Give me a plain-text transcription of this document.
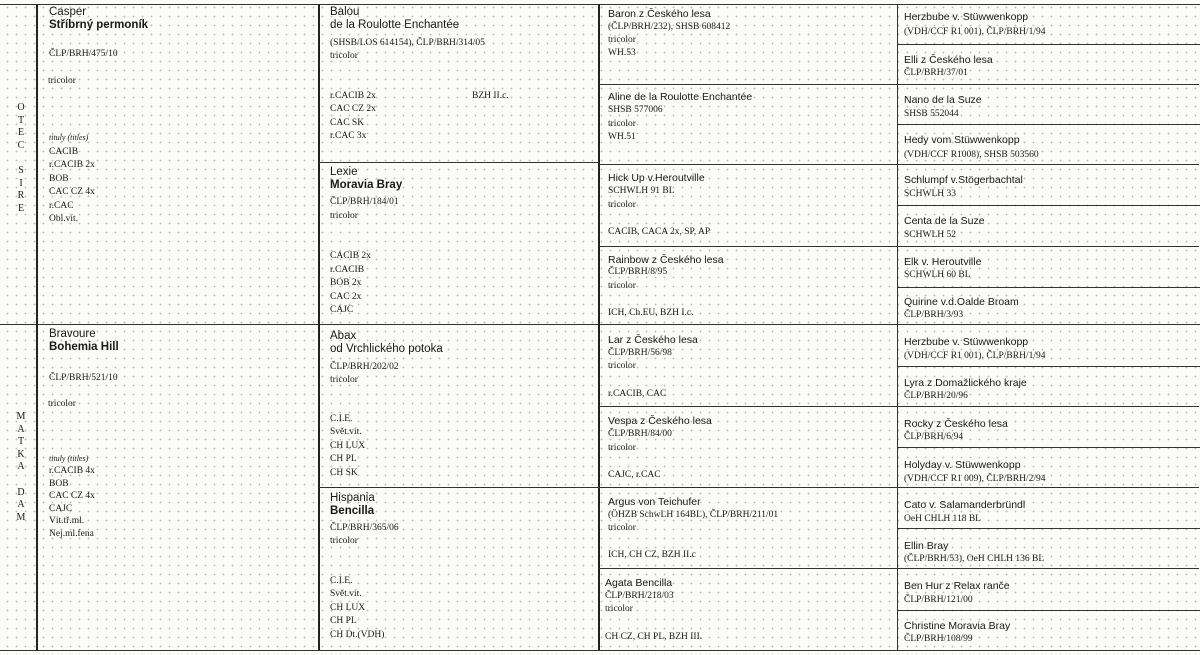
O
T
E
C
S
I
R
E
M
A
T
K
A
D
A
M
Casper
Stříbrný permoník
ČLP/BRH/475/10
tricolor
tituly (titles)
CACIB
r.CACIB 2x
BOB
CAC CZ 4x
r.CAC
Obl.vít.
Bravoure
Bohemia Hill
ČLP/BRH/521/10
tricolor
tituly (titles)
r.CACIB 4x
BOB
CAC CZ 4x
CAJC
Vít.tř.ml.
Nej.ml.fena
Balou
de la Roulotte Enchantée
(SHSB/LOS 614154), ČLP/BRH/314/05
tricolor
r.CACIB 2x
CAC CZ 2x
CAC SK
r.CAC 3x
BZH II.c.
Lexie
Moravia Bray
ČLP/BRH/184/01
tricolor
CACIB 2x
r.CACIB
BOB 2x
CAC 2x
CAJC
Abax
od Vrchlického potoka
ČLP/BRH/202/02
tricolor
C.I.E.
Svět.vít.
CH LUX
CH PL
CH SK
Hispania
Bencilla
ČLP/BRH/365/06
tricolor
C.I.E.
Svět.vít.
CH LUX
CH PL
CH Dt.(VDH)
Baron z Českého lesa
(ČLP/BRH/232), SHSB 608412
tricolor
WH.53
Aline de la Roulotte Enchantée
SHSB 577006
tricolor
WH.51
Hick Up v.Heroutville
SCHWLH 91 BL
tricolor
CACIB, CACA 2x, SP, AP
Rainbow z Českého lesa
ČLP/BRH/8/95
tricolor
ICH, Ch.EU, BZH I.c.
Lar z Českého lesa
ČLP/BRH/56/98
tricolor
r.CACIB, CAC
Vespa z Českého lesa
ČLP/BRH/84/00
tricolor
CAJC, r.CAC
Argus von Teichufer
(ÖHZB SchwLH 164BL), ČLP/BRH/211/01
tricolor
ICH, CH CZ, BZH II.c
Agata Bencilla
ČLP/BRH/218/03
tricolor
CH CZ, CH PL, BZH III.
Herzbube v. Stüwwenkopp
(VDH/CCF R1 001), ČLP/BRH/1/94
Elli z Českého lesa
ČLP/BRH/37/01
Nano de la Suze
SHSB 552044
Hedy vom Stüwwenkopp
(VDH/CCF R1008), SHSB 503560
Schlumpf v.Stögerbachtal
SCHWLH 33
Centa de la Suze
SCHWLH 52
Elk v. Heroutville
SCHWLH 60 BL
Quirine v.d.Oalde Broam
ČLP/BRH/3/93
Herzbube v. Stüwwenkopp
(VDH/CCF R1 001), ČLP/BRH/1/94
Lyra z Domažlického kraje
ČLP/BRH/20/96
Rocky z Českého lesa
ČLP/BRH/6/94
Holyday v. Stüwwenkopp
(VDH/CCF R1 009), ČLP/BRH/2/94
Cato v. Salamanderbründl
OeH CHLH 118 BL
Ellin Bray
(ČLP/BRH/53), OeH CHLH 136 BL
Ben Hur z Relax ranče
ČLP/BRH/121/00
Christine Moravia Bray
ČLP/BRH/108/99
